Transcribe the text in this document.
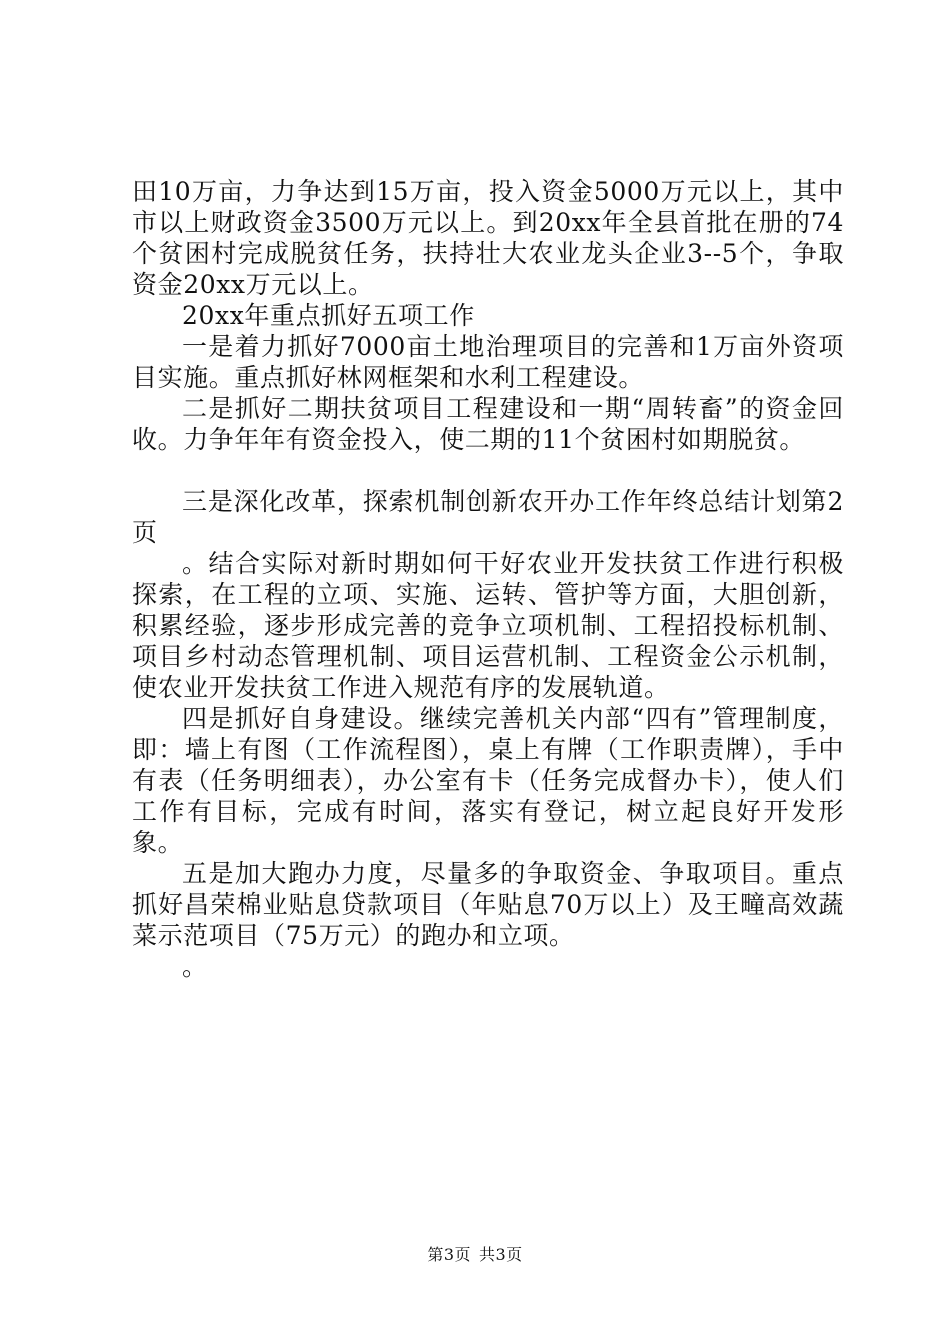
田10万亩，力争达到15万亩，投入资金5000万元以上，其中市以上财政资金3500万元以上。到20xx年全县首批在册的74个贫困村完成脱贫任务，扶持壮大农业龙头企业3--5个，争取资金20xx万元以上。

20xx年重点抓好五项工作

一是着力抓好7000亩土地治理项目的完善和1万亩外资项目实施。重点抓好林网框架和水利工程建设。

二是抓好二期扶贫项目工程建设和一期“周转畜”的资金回收。力争年年有资金投入，使二期的11个贫困村如期脱贫。

三是深化改革，探索机制创新农开办工作年终总结计划第2页

。结合实际对新时期如何干好农业开发扶贫工作进行积极探索，在工程的立项、实施、运转、管护等方面，大胆创新，积累经验，逐步形成完善的竞争立项机制、工程招投标机制、项目乡村动态管理机制、项目运营机制、工程资金公示机制，使农业开发扶贫工作进入规范有序的发展轨道。

四是抓好自身建设。继续完善机关内部“四有”管理制度，即：墙上有图（工作流程图），桌上有牌（工作职责牌），手中有表（任务明细表），办公室有卡（任务完成督办卡），使人们工作有目标，完成有时间，落实有登记，树立起良好开发形象。

五是加大跑办力度，尽量多的争取资金、争取项目。重点抓好昌荣棉业贴息贷款项目（年贴息70万以上）及王疃高效蔬菜示范项目（75万元）的跑办和立项。

。

第3页 共3页
